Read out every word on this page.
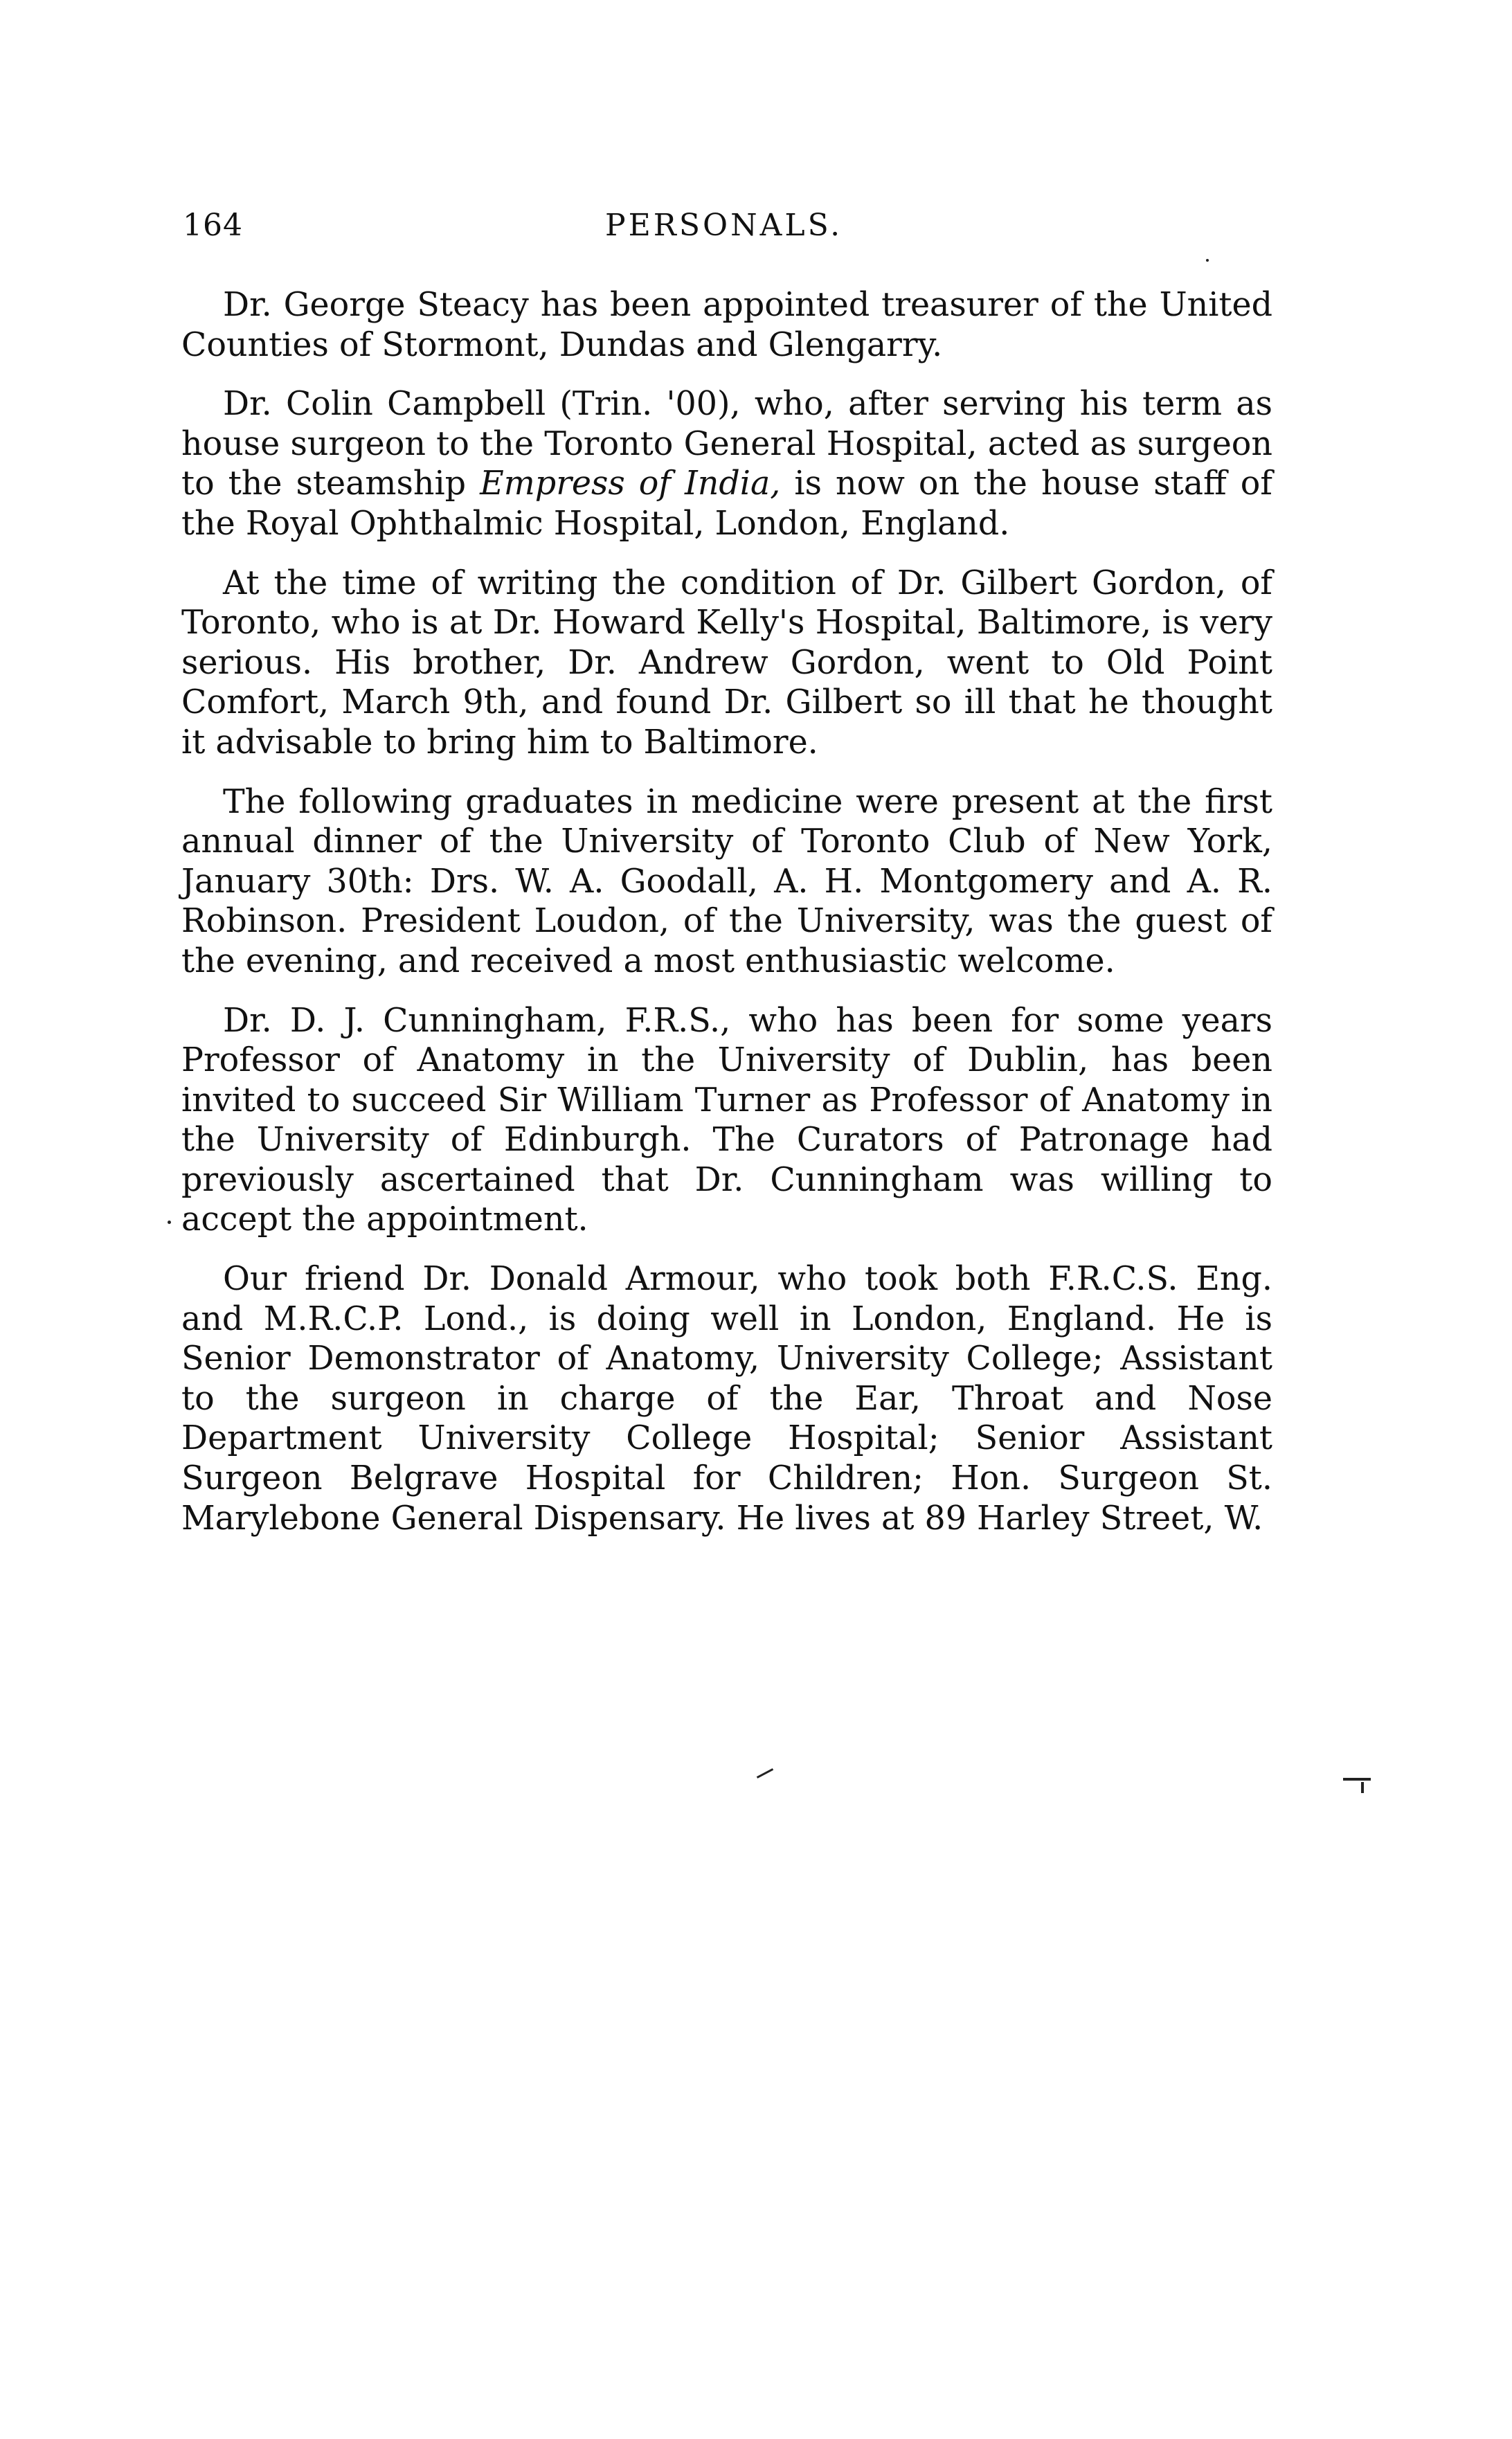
164	PERSONALS.

Dr. George Steacy has been appointed treasurer of the United Counties of Stormont, Dundas and Glengarry.

Dr. Colin Campbell (Trin. '00), who, after serving his term as house surgeon to the Toronto General Hospital, acted as surgeon to the steamship Empress of India, is now on the house staff of the Royal Ophthalmic Hospital, London, England.

At the time of writing the condition of Dr. Gilbert Gordon, of Toronto, who is at Dr. Howard Kelly's Hospital, Baltimore, is very serious. His brother, Dr. Andrew Gordon, went to Old Point Comfort, March 9th, and found Dr. Gilbert so ill that he thought it advisable to bring him to Baltimore.

The following graduates in medicine were present at the first annual dinner of the University of Toronto Club of New York, January 30th: Drs. W. A. Goodall, A. H. Montgomery and A. R. Robinson. President Loudon, of the University, was the guest of the evening, and received a most enthusiastic welcome.

Dr. D. J. Cunningham, F.R.S., who has been for some years Professor of Anatomy in the University of Dublin, has been invited to succeed Sir William Turner as Professor of Anatomy in the University of Edinburgh. The Curators of Patronage had previously ascertained that Dr. Cunningham was willing to accept the appointment.

Our friend Dr. Donald Armour, who took both F.R.C.S. Eng. and M.R.C.P. Lond., is doing well in London, England. He is Senior Demonstrator of Anatomy, University College; Assistant to the surgeon in charge of the Ear, Throat and Nose Department University College Hospital; Senior Assistant Surgeon Belgrave Hospital for Children; Hon. Surgeon St. Marylebone General Dispensary. He lives at 89 Harley Street, W.
